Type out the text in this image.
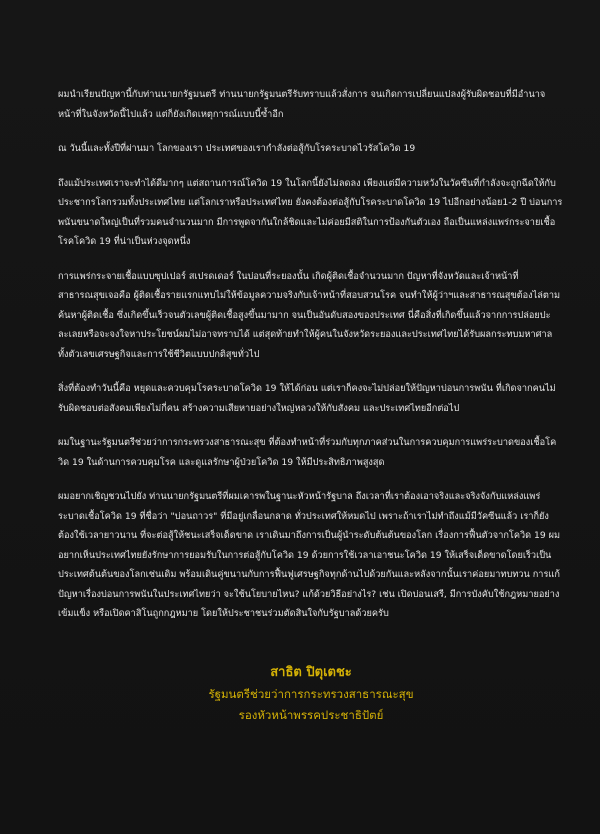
ผมนำเรียนปัญหานี้กับท่านนายกรัฐมนตรี ท่านนายกรัฐมนตรีรับทราบแล้วสั่งการ จนเกิดการเปลี่ยนแปลงผู้รับผิดชอบที่มีอำนาจหน้าที่ในจังหวัดนี้ไปแล้ว แต่ก็ยังเกิดเหตุการณ์แบบนี้ซ้ำอีก

ณ วันนี้และทั้งปีที่ผ่านมา โลกของเรา ประเทศของเรากำลังต่อสู้กับโรคระบาดไวรัสโควิด 19

ถึงแม้ประเทศเราจะทำได้ดีมากๆ แต่สถานการณ์โควิด 19 ในโลกนี้ยังไม่ลดลง เพียงแต่มีความหวังในวัคซีนที่กำลังจะถูกฉีดให้กับประชากรโลกรวมทั้งประเทศไทย แต่โลกเราหรือประเทศไทย ยังคงต้องต่อสู้กับโรคระบาดโควิด 19 ไปอีกอย่างน้อย1-2 ปี บ่อนการพนันขนาดใหญ่เป็นที่รวมคนจำนวนมาก มีการพูดจากันใกล้ชิดและไม่ค่อยมีสติในการป้องกันตัวเอง ถือเป็นแหล่งแพร่กระจายเชื้อโรคโควิด 19 ที่น่าเป็นห่วงจุดหนึ่ง

การแพร่กระจายเชื้อแบบซุปเปอร์ สเปรดเดอร์ ในบ่อนที่ระยองนั้น เกิดผู้ติดเชื้อจำนวนมาก ปัญหาที่จังหวัดและเจ้าหน้าที่สาธารณสุขเจอคือ ผู้ติดเชื้อรายแรกแทบไม่ให้ข้อมูลความจริงกับเจ้าหน้าที่สอบสวนโรค จนทำให้ผู้ว่าฯและสาธารณสุขต้องไล่ตามค้นหาผู้ติดเชื้อ ซึ่งเกิดขึ้นเร็วจนตัวเลขผู้ติดเชื้อสูงขึ้นมามาก จนเป็นอันดับสองของประเทศ นี่คือสิ่งที่เกิดขึ้นแล้วจากการปล่อยปะละเลยหรือจะจงใจหาประโยชน์ผมไม่อาจทราบได้ แต่สุดท้ายทำให้ผู้คนในจังหวัดระยองและประเทศไทยได้รับผลกระทบมหาศาล ทั้งตัวเลขเศรษฐกิจและการใช้ชีวิตแบบปกติสุขทั่วไป

สิ่งที่ต้องทำวันนี้คือ หยุดและควบคุมโรคระบาดโควิด 19 ให้ได้ก่อน แต่เราก็คงจะไม่ปล่อยให้ปัญหาบ่อนการพนัน ที่เกิดจากคนไม่รับผิดชอบต่อสังคมเพียงไม่กี่คน สร้างความเสียหายอย่างใหญ่หลวงให้กับสังคม และประเทศไทยอีกต่อไป

ผมในฐานะรัฐมนตรีช่วยว่าการกระทรวงสาธารณะสุข ที่ต้องทำหน้าที่ร่วมกับทุกภาคส่วนในการควบคุมการแพร่ระบาดของเชื้อโควิด 19 ในด้านการควบคุมโรค และดูแลรักษาผู้ป่วยโควิด 19 ให้มีประสิทธิภาพสูงสุด

ผมอยากเชิญชวนไปยัง ท่านนายกรัฐมนตรีที่ผมเคารพในฐานะหัวหน้ารัฐบาล ถึงเวลาที่เราต้องเอาจริงและจริงจังกับแหล่งแพร่ระบาดเชื้อโควิด 19 ที่ชื่อว่า "บ่อนถาวร" ที่มีอยู่เกลื่อนกลาด ทั่วประเทศให้หมดไป เพราะถ้าเราไม่ทำถึงแม้มีวัคซีนแล้ว เราก็ยังต้องใช้เวลายาวนาน ที่จะต่อสู้ให้ชนะเสร็จเด็ดขาด เราเดินมาถึงการเป็นผู้นำระดับต้นต้นของโลก เรื่องการฟื้นตัวจากโควิด 19 ผมอยากเห็นประเทศไทยยังรักษาการยอมรับในการต่อสู้กับโควิด 19 ด้วยการใช้เวลาเอาชนะโควิด 19 ให้เสร็จเด็ดขาดโดยเร็วเป็นประเทศต้นต้นของโลกเช่นเดิม พร้อมเดินคู่ขนานกับการฟื้นฟูเศรษฐกิจทุกด้านไปด้วยกันและหลังจากนั้นเราค่อยมาทบทวน การแก้ปัญหาเรื่องบ่อนการพนันในประเทศไทยว่า จะใช้นโยบายไหน? แก้ด้วยวิธีอย่างไร? เช่น เปิดบ่อนเสรี, มีการบังคับใช้กฎหมายอย่างเข้มแข็ง หรือเปิดคาสิโนถูกกฎหมาย โดยให้ประชาชนร่วมตัดสินใจกับรัฐบาลด้วยครับ

สาธิต ปิตุเตชะ
รัฐมนตรีช่วยว่าการกระทรวงสาธารณะสุข
รองหัวหน้าพรรคประชาธิปัตย์
